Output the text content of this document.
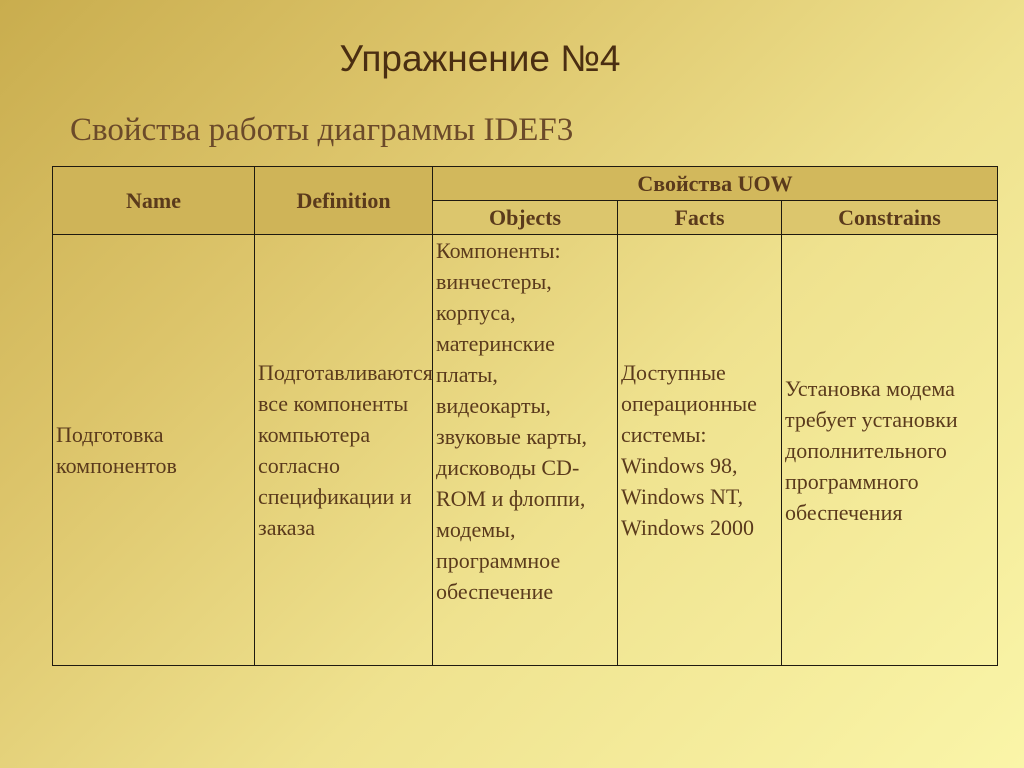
Упражнение №4
Свойства работы диаграммы IDEF3
Name	Definition	Свойства UOW		
		Objects	Facts	Constrains
Подготовка компонентов	Подготавливаются все компоненты компьютера согласно спецификации и заказа	Компоненты: винчестеры, корпуса, материнские платы, видеокарты, звуковые карты, дисководы CD-ROM и флоппи, модемы, программное обеспечение	Доступные операционные системы: Windows 98, Windows NT, Windows 2000	Установка модема требует установки дополнительного программного обеспечения
